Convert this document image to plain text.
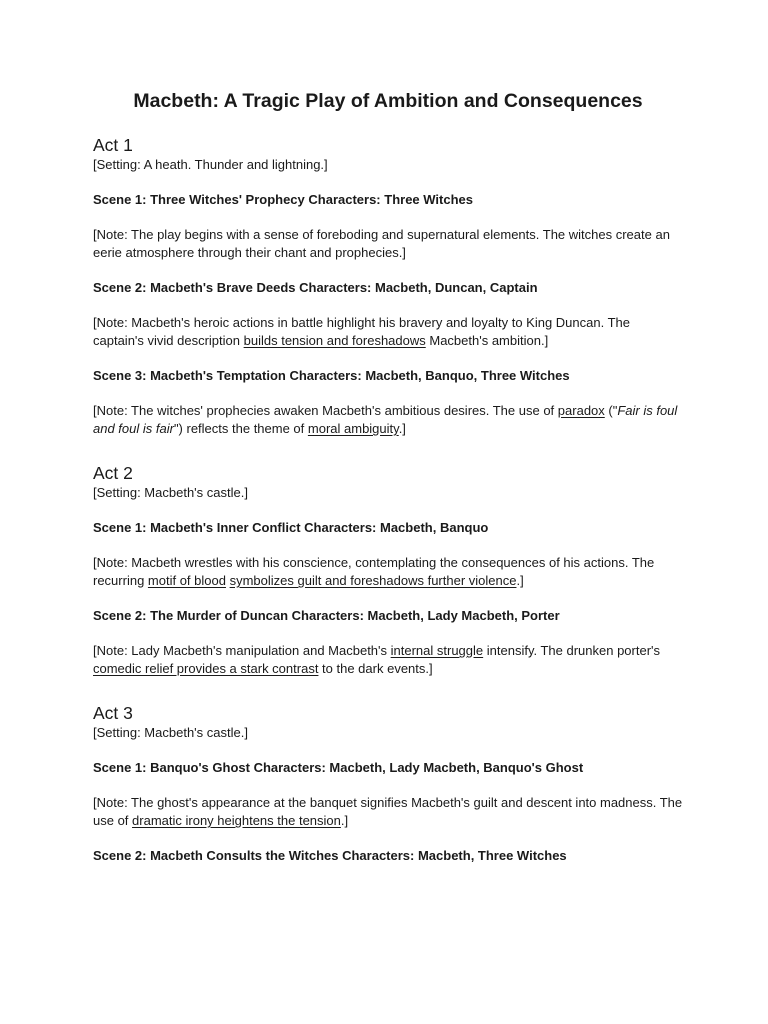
Macbeth: A Tragic Play of Ambition and Consequences
Act 1
[Setting: A heath. Thunder and lightning.]
Scene 1: Three Witches' Prophecy Characters: Three Witches
[Note: The play begins with a sense of foreboding and supernatural elements. The witches create an eerie atmosphere through their chant and prophecies.]
Scene 2: Macbeth's Brave Deeds Characters: Macbeth, Duncan, Captain
[Note: Macbeth's heroic actions in battle highlight his bravery and loyalty to King Duncan. The captain's vivid description builds tension and foreshadows Macbeth's ambition.]
Scene 3: Macbeth's Temptation Characters: Macbeth, Banquo, Three Witches
[Note: The witches' prophecies awaken Macbeth's ambitious desires. The use of paradox ("Fair is foul and foul is fair") reflects the theme of moral ambiguity.]
Act 2
[Setting: Macbeth's castle.]
Scene 1: Macbeth's Inner Conflict Characters: Macbeth, Banquo
[Note: Macbeth wrestles with his conscience, contemplating the consequences of his actions. The recurring motif of blood symbolizes guilt and foreshadows further violence.]
Scene 2: The Murder of Duncan Characters: Macbeth, Lady Macbeth, Porter
[Note: Lady Macbeth's manipulation and Macbeth's internal struggle intensify. The drunken porter's comedic relief provides a stark contrast to the dark events.]
Act 3
[Setting: Macbeth's castle.]
Scene 1: Banquo's Ghost Characters: Macbeth, Lady Macbeth, Banquo's Ghost
[Note: The ghost's appearance at the banquet signifies Macbeth's guilt and descent into madness. The use of dramatic irony heightens the tension.]
Scene 2: Macbeth Consults the Witches Characters: Macbeth, Three Witches
